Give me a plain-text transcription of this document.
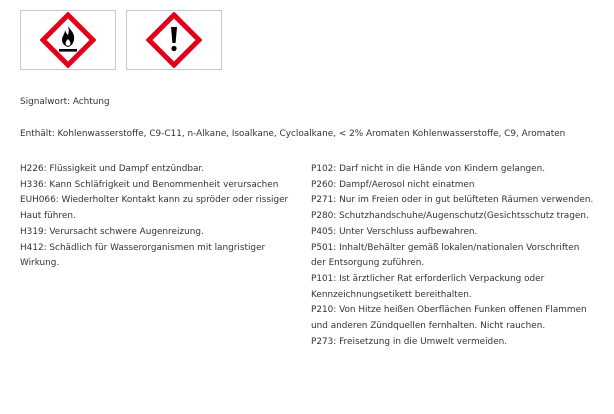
Signalwort: Achtung
Enthält: Kohlenwasserstoffe, C9-C11, n-Alkane, Isoalkane, Cycloalkane, < 2% Aromaten Kohlenwasserstoffe, C9, Aromaten

H226: Flüssigkeit und Dampf entzündbar.

H336: Kann Schläfrigkeit und Benommenheit verursachen

EUH066: Wiederholter Kontakt kann zu spröder oder rissiger Haut führen.

H319: Verursacht schwere Augenreizung.

H412: Schädlich für Wasserorganismen mit langristiger Wirkung.

P102: Darf nicht in die Hände von Kindern gelangen.

P260: Dampf/Aerosol nicht einatmen

P271: Nur im Freien oder in gut belüfteten Räumen verwenden.

P280: Schutzhandschuhe/Augenschutz(Gesichtsschutz tragen.

P405: Unter Verschluss aufbewahren.

P501: Inhalt/Behälter gemäß lokalen/nationalen Vorschriften der Entsorgung zuführen.

P101: Ist ärztlicher Rat erforderlich Verpackung oder Kennzeichnungsetikett bereithalten.

P210: Von Hitze heißen Oberflächen Funken offenen Flammen und anderen Zündquellen fernhalten. Nicht rauchen.

P273: Freisetzung in die Umwelt vermeiden.
